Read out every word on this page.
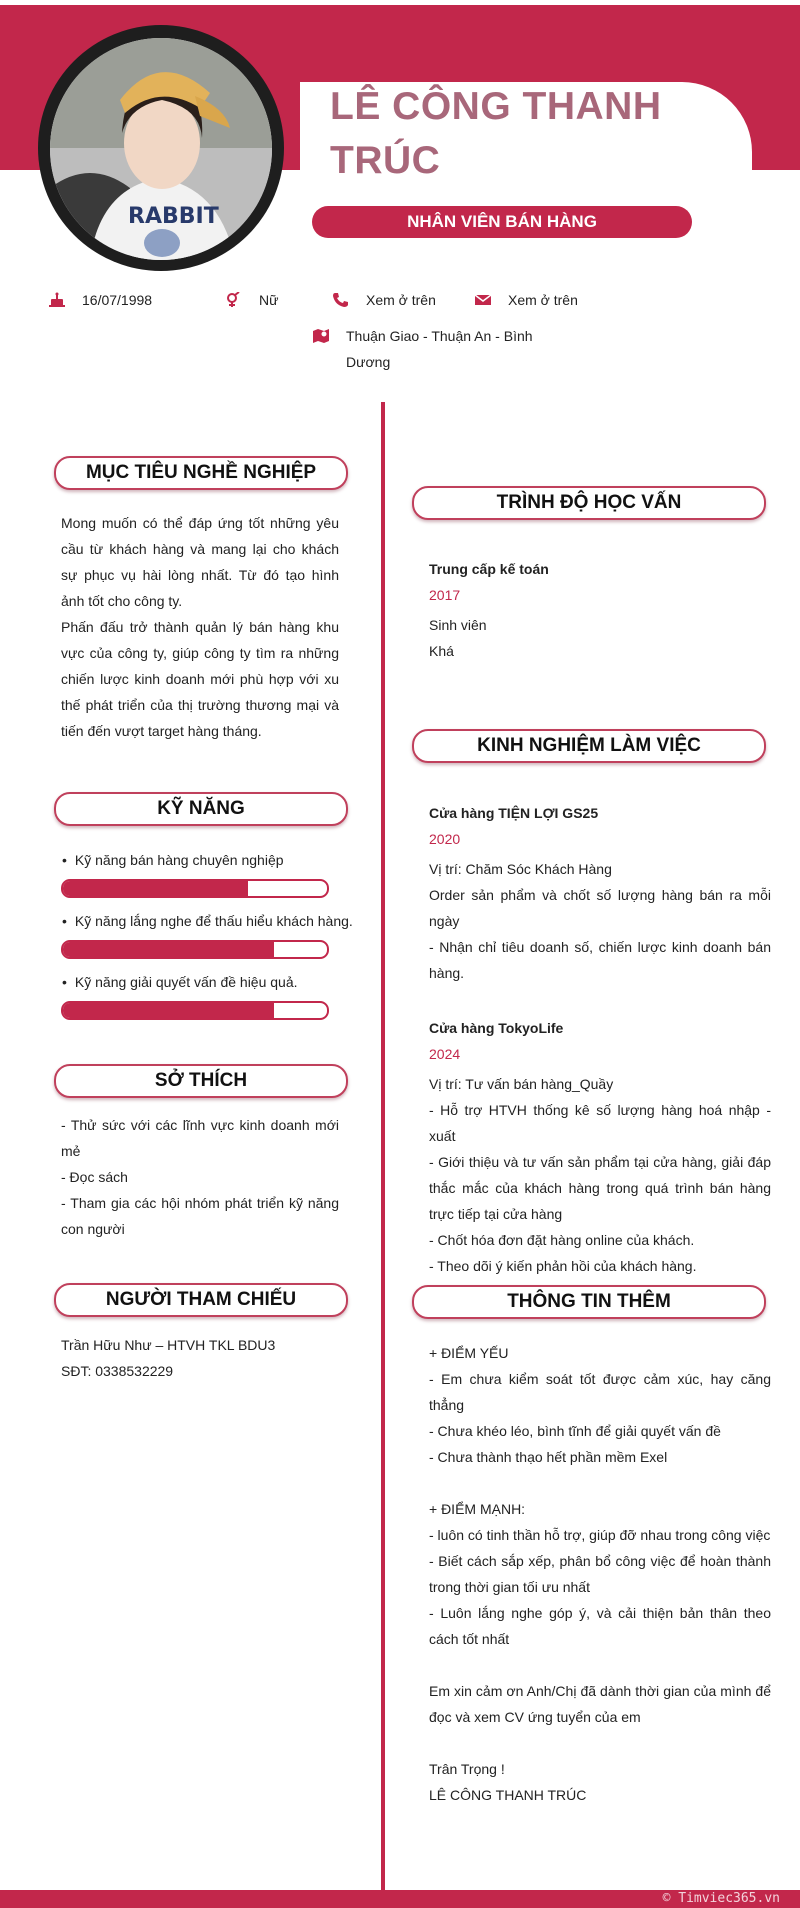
RABBIT
LÊ CÔNG THANH TRÚC
NHÂN VIÊN BÁN HÀNG
16/07/1998	Nữ	Xem ở trên	Xem ở trên
Thuận Giao - Thuận An - Bình Dương
MỤC TIÊU NGHỀ NGHIỆP

Mong muốn có thể đáp ứng tốt những yêu cầu từ khách hàng và mang lại cho khách sự phục vụ hài lòng nhất. Từ đó tạo hình ảnh tốt cho công ty.

Phấn đấu trở thành quản lý bán hàng khu vực của công ty, giúp công ty tìm ra những chiến lược kinh doanh mới phù hợp với xu thế phát triển của thị trường thương mại và tiến đến vượt target hàng tháng.

KỸ NĂNG
• Kỹ năng bán hàng chuyên nghiệp
• Kỹ năng lắng nghe để thấu hiểu khách hàng.
• Kỹ năng giải quyết vấn đề hiệu quả.
SỞ THÍCH

- Thử sức với các lĩnh vực kinh doanh mới mẻ

- Đọc sách

- Tham gia các hội nhóm phát triển kỹ năng con người

NGƯỜI THAM CHIẾU

Trần Hữu Như – HTVH TKL BDU3

SĐT: 0338532229

TRÌNH ĐỘ HỌC VẤN

Trung cấp kế toán

2017

Sinh viên

Khá

KINH NGHIỆM LÀM VIỆC

Cửa hàng TIỆN LỢI GS25

2020

Vị trí: Chăm Sóc Khách Hàng

Order sản phẩm và chốt số lượng hàng bán ra mỗi ngày

- Nhận chỉ tiêu doanh số, chiến lược kinh doanh bán hàng.

Cửa hàng TokyoLife

2024

Vị trí: Tư vấn bán hàng_Quầy

- Hỗ trợ HTVH thống kê số lượng hàng hoá nhập - xuất

- Giới thiệu và tư vấn sản phẩm tại cửa hàng, giải đáp thắc mắc của khách hàng trong quá trình bán hàng trực tiếp tại cửa hàng

- Chốt hóa đơn đặt hàng online của khách.

- Theo dõi ý kiến phản hồi của khách hàng.

THÔNG TIN THÊM

+ ĐIỂM YẾU

- Em chưa kiểm soát tốt được cảm xúc, hay căng thẳng

- Chưa khéo léo, bình tĩnh để giải quyết vấn đề

- Chưa thành thạo hết phần mềm Exel

+ ĐIỂM MẠNH:

- luôn có tinh thần hỗ trợ, giúp đỡ nhau trong công việc

- Biết cách sắp xếp, phân bổ công việc để hoàn thành trong thời gian tối ưu nhất

- Luôn lắng nghe góp ý, và cải thiện bản thân theo cách tốt nhất

Em xin cảm ơn Anh/Chị đã dành thời gian của mình để đọc và xem CV ứng tuyển của em

Trân Trọng !

LÊ CÔNG THANH TRÚC

© Timviec365.vn
